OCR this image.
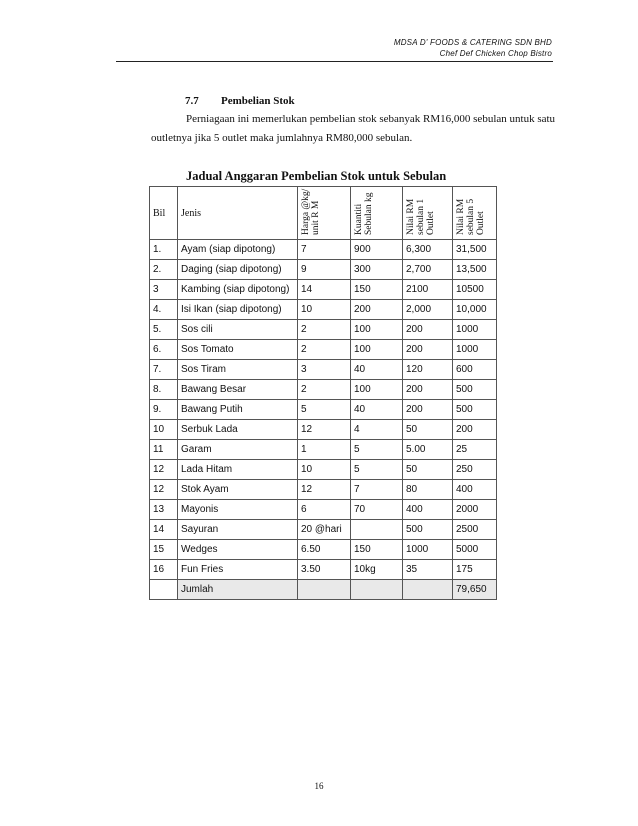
MDSA D' FOODS & CATERING SDN BHD
Chef Def Chicken Chop Bistro
7.7 Pembelian Stok
Perniagaan ini memerlukan pembelian stok sebanyak RM16,000 sebulan untuk satu
outletnya jika 5 outlet maka jumlahnya RM80,000 sebulan.
Jadual Anggaran Pembelian Stok untuk Sebulan
Bil	Jenis	Harga @kg/ unit R M	Kuantiti Sebulan kg	Nilai RM sebulan 1 Outlet	Nilai RM sebulan 5 Outlet
1.	Ayam (siap dipotong)	7	900	6,300	31,500
2.	Daging (siap dipotong)	9	300	2,700	13,500
3	Kambing (siap dipotong)	14	150	2100	10500
4.	Isi Ikan (siap dipotong)	10	200	2,000	10,000
5.	Sos cili	2	100	200	1000
6.	Sos Tomato	2	100	200	1000
7.	Sos Tiram	3	40	120	600
8.	Bawang Besar	2	100	200	500
9.	Bawang Putih	5	40	200	500
10	Serbuk Lada	12	4	50	200
11	Garam	1	5	5.00	25
12	Lada Hitam	10	5	50	250
12	Stok Ayam	12	7	80	400
13	Mayonis	6	70	400	2000
14	Sayuran	20 @hari		500	2500
15	Wedges	6.50	150	1000	5000
16	Fun Fries	3.50	10kg	35	175
	Jumlah				79,650
16
